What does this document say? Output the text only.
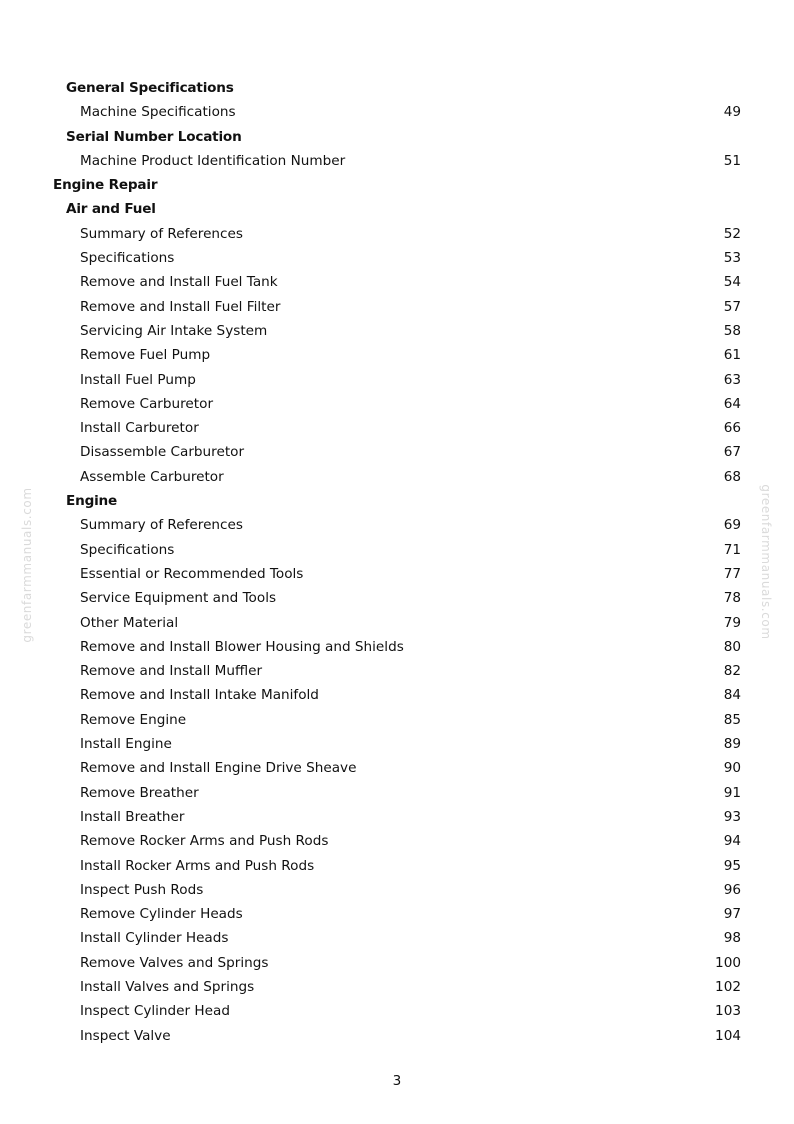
greenfarmmanuals.com	greenfarmmanuals.com
General Specifications
Machine Specifications	49
Serial Number Location
Machine Product Identification Number	51
Engine Repair
Air and Fuel
Summary of References	52
Specifications	53
Remove and Install Fuel Tank	54
Remove and Install Fuel Filter	57
Servicing Air Intake System	58
Remove Fuel Pump	61
Install Fuel Pump	63
Remove Carburetor	64
Install Carburetor	66
Disassemble Carburetor	67
Assemble Carburetor	68
Engine
Summary of References	69
Specifications	71
Essential or Recommended Tools	77
Service Equipment and Tools	78
Other Material	79
Remove and Install Blower Housing and Shields	80
Remove and Install Muffler	82
Remove and Install Intake Manifold	84
Remove Engine	85
Install Engine	89
Remove and Install Engine Drive Sheave	90
Remove Breather	91
Install Breather	93
Remove Rocker Arms and Push Rods	94
Install Rocker Arms and Push Rods	95
Inspect Push Rods	96
Remove Cylinder Heads	97
Install Cylinder Heads	98
Remove Valves and Springs	100
Install Valves and Springs	102
Inspect Cylinder Head	103
Inspect Valve	104
3
